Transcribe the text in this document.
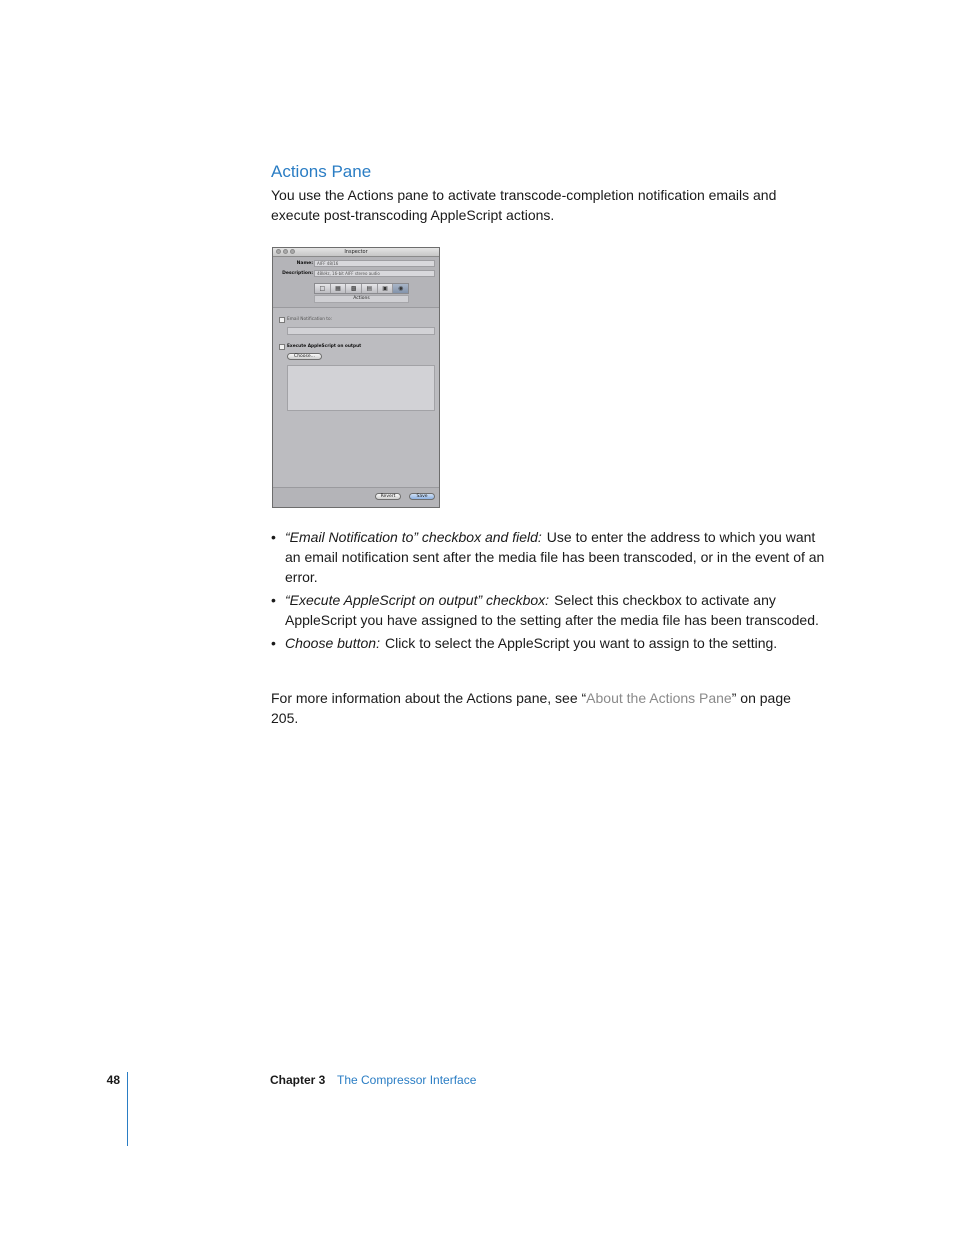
Actions Pane

You use the Actions pane to activate transcode-completion notification emails and execute post-transcoding AppleScript actions.

Inspector
Name:	AIFF 48/16
Description:	48kHz, 16-bit AIFF stereo audio
□ ▦ ▩ ▤ ▣ ◉
Actions
Email Notification to:
Execute AppleScript on output
Choose...
Revert	Save
• “Email Notification to” checkbox and field: Use to enter the address to which you want an email notification sent after the media file has been transcoded, or in the event of an error.
• “Execute AppleScript on output” checkbox: Select this checkbox to activate any AppleScript you have assigned to the setting after the media file has been transcoded.
• Choose button: Click to select the AppleScript you want to assign to the setting.

For more information about the Actions pane, see “About the Actions Pane” on page 205.

48	Chapter 3 The Compressor Interface
